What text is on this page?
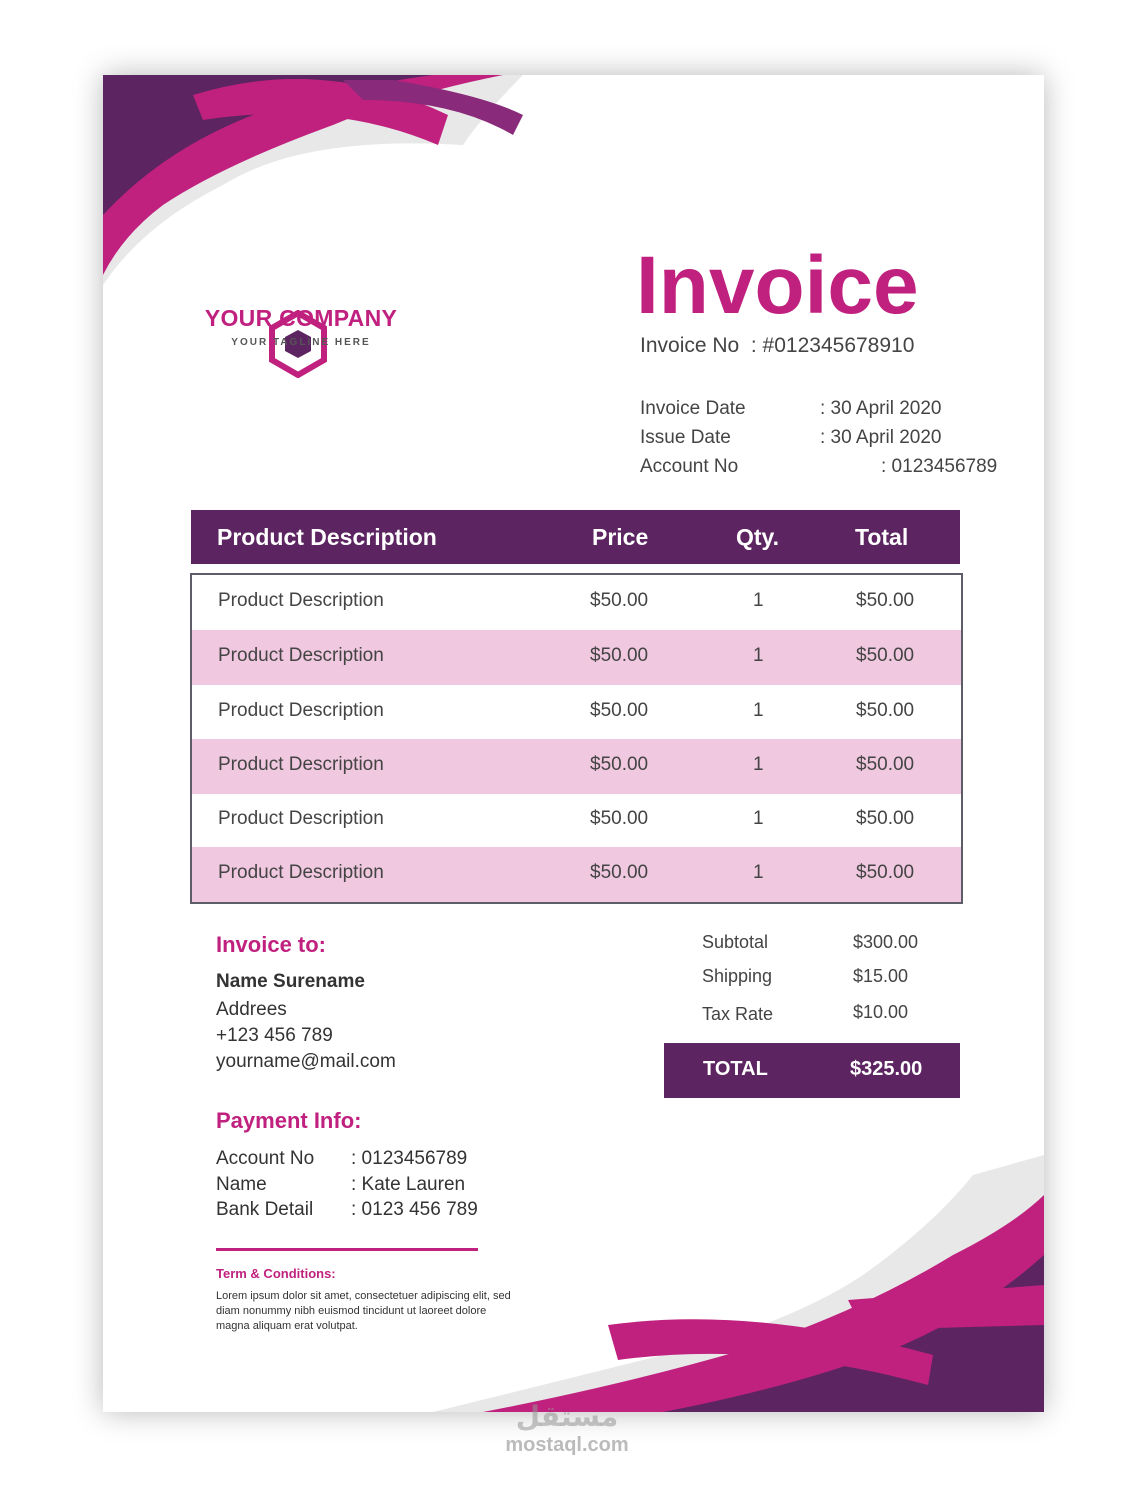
YOUR COMPANY
YOUR TAGLINE HERE
Invoice
Invoice No : #012345678910
Invoice Date	: 30 April 2020
Issue Date	: 30 April 2020
Account No	: 0123456789
Product Description	Price	Qty.	Total
Product Description	$50.00	1	$50.00
Product Description	$50.00	1	$50.00
Product Description	$50.00	1	$50.00
Product Description	$50.00	1	$50.00
Product Description	$50.00	1	$50.00
Product Description	$50.00	1	$50.00
Invoice to:
Name Surename
Addrees
+123 456 789
yourname@mail.com
Subtotal	$300.00
Shipping	$15.00
Tax Rate	$10.00
TOTAL	$325.00
Payment Info:
Account No : 0123456789
Name	: Kate Lauren
Bank Detail : 0123 456 789
Term & Conditions:
Lorem ipsum dolor sit amet, consectetuer adipiscing elit, sed diam nonummy nibh euismod tincidunt ut laoreet dolore magna aliquam erat volutpat.
مستقل
mostaql.com
